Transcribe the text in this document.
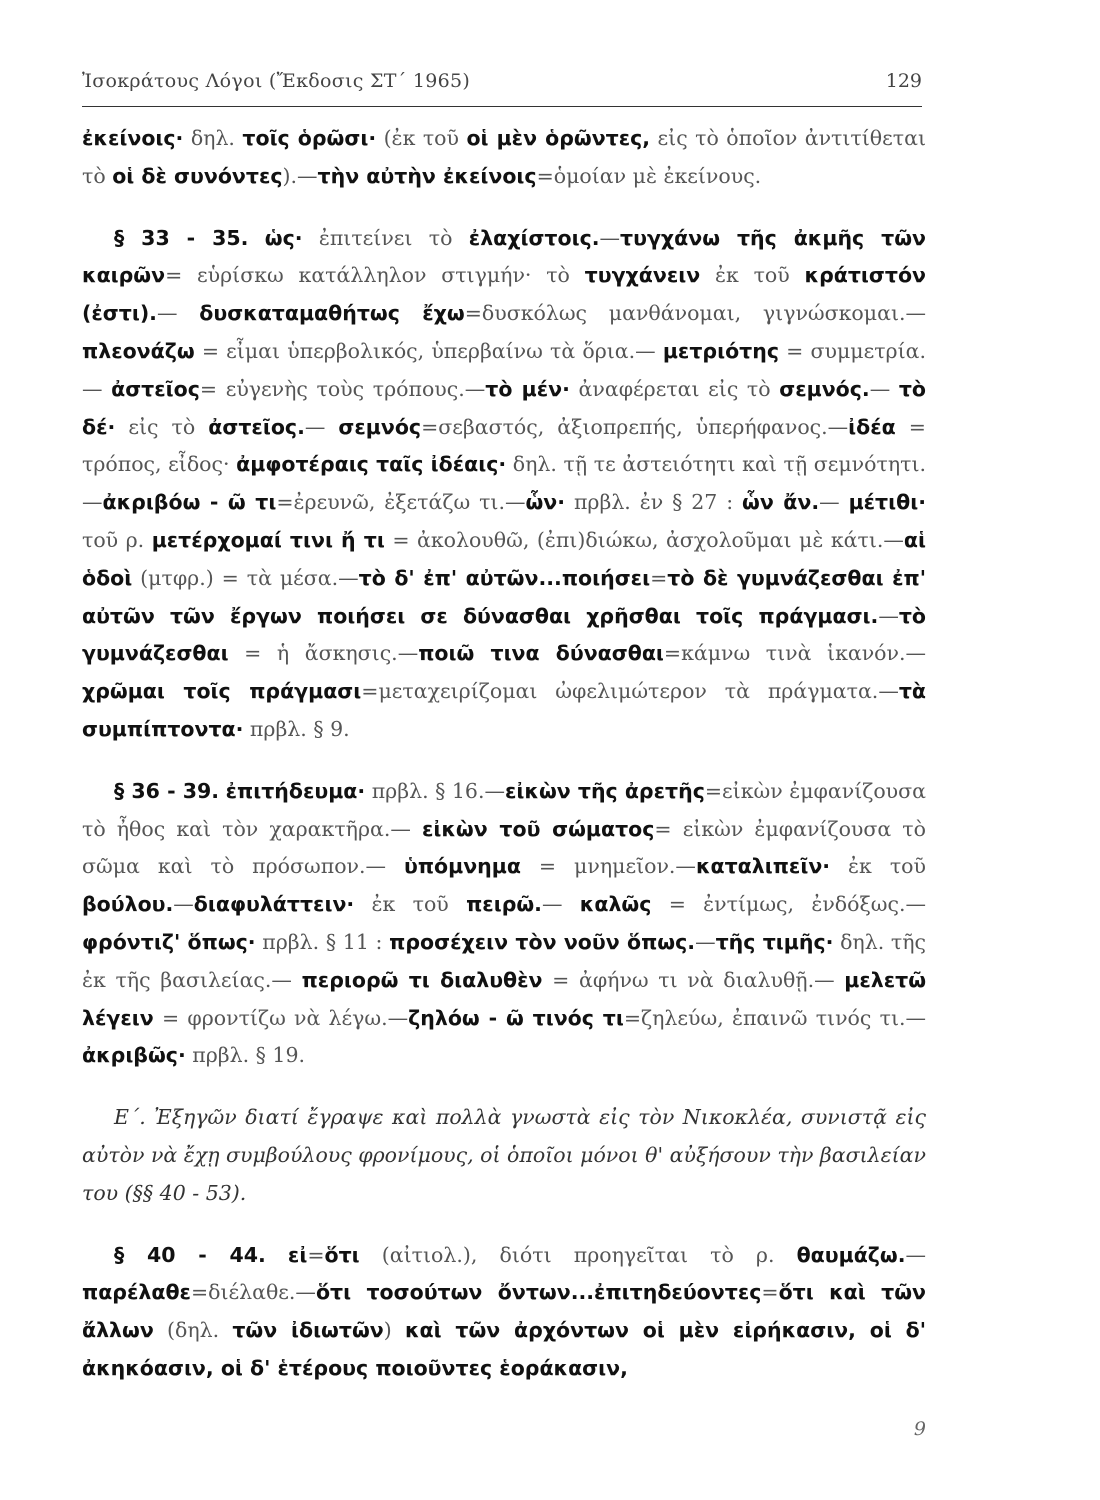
Ἰσοκράτους Λόγοι (Ἔκδοσις ΣΤ΄ 1965)	129

ἐκείνοις· δηλ. τοῖς ὁρῶσι· (ἐκ τοῦ οἱ μὲν ὁρῶντες, εἰς τὸ ὁποῖον ἀντιτίθεται τὸ οἱ δὲ συνόντες).—τὴν αὐτὴν ἐκείνοις=ὁμοίαν μὲ ἐκείνους.

§ 33 - 35. ὡς· ἐπιτείνει τὸ ἐλαχίστοις.—τυγχάνω τῆς ἀκμῆς τῶν καιρῶν= εὑρίσκω κατάλληλον στιγμήν· τὸ τυγχάνειν ἐκ τοῦ κράτιστόν (ἐστι).— δυσκαταμαθήτως ἔχω=δυσκόλως μανθάνομαι, γιγνώσκομαι.— πλεονάζω = εἶμαι ὑπερβολικός, ὑπερβαίνω τὰ ὅρια.— μετριότης = συμμετρία.— ἀστεῖος= εὐγενὴς τοὺς τρόπους.—τὸ μέν· ἀναφέρεται εἰς τὸ σεμνός.— τὸ δέ· εἰς τὸ ἀστεῖος.— σεμνός=σεβαστός, ἀξιοπρεπής, ὑπερήφανος.—ἰδέα = τρόπος, εἶδος· ἀμφοτέραις ταῖς ἰδέαις· δηλ. τῇ τε ἀστειότητι καὶ τῇ σεμνότητι.—ἀκριβόω - ῶ τι=ἐρευνῶ, ἐξετάζω τι.—ὧν· πρβλ. ἐν § 27 : ὧν ἄν.— μέτιθι· τοῦ ρ. μετέρχομαί τινι ἤ τι = ἀκολουθῶ, (ἐπι)διώκω, ἀσχολοῦμαι μὲ κάτι.—αἱ ὁδοὶ (μτφρ.) = τὰ μέσα.—τὸ δ' ἐπ' αὐτῶν...ποιήσει=τὸ δὲ γυμνάζεσθαι ἐπ' αὐτῶν τῶν ἔργων ποιήσει σε δύνασθαι χρῆσθαι τοῖς πράγμασι.—τὸ γυμνάζεσθαι = ἡ ἄσκησις.—ποιῶ τινα δύνασθαι=κάμνω τινὰ ἱκανόν.—χρῶμαι τοῖς πράγμασι=μεταχειρίζομαι ὠφελιμώτερον τὰ πράγματα.—τὰ συμπίπτοντα· πρβλ. § 9.

§ 36 - 39. ἐπιτήδευμα· πρβλ. § 16.—εἰκὼν τῆς ἀρετῆς=εἰκὼν ἐμφανίζουσα τὸ ἦθος καὶ τὸν χαρακτῆρα.— εἰκὼν τοῦ σώματος= εἰκὼν ἐμφανίζουσα τὸ σῶμα καὶ τὸ πρόσωπον.— ὑπόμνημα = μνημεῖον.—καταλιπεῖν· ἐκ τοῦ βούλου.—διαφυλάττειν· ἐκ τοῦ πειρῶ.— καλῶς = ἐντίμως, ἐνδόξως.— φρόντιζ' ὅπως· πρβλ. § 11 : προσέχειν τὸν νοῦν ὅπως.—τῆς τιμῆς· δηλ. τῆς ἐκ τῆς βασιλείας.— περιορῶ τι διαλυθὲν = ἀφήνω τι νὰ διαλυθῇ.— μελετῶ λέγειν = φροντίζω νὰ λέγω.—ζηλόω - ῶ τινός τι=ζηλεύω, ἐπαινῶ τινός τι.— ἀκριβῶς· πρβλ. § 19.

Ε΄. Ἐξηγῶν διατί ἔγραψε καὶ πολλὰ γνωστὰ εἰς τὸν Νικοκλέα, συνιστᾷ εἰς αὐτὸν νὰ ἔχῃ συμβούλους φρονίμους, οἱ ὁποῖοι μόνοι θ' αὐξήσουν τὴν βασιλείαν του (§§ 40 - 53).

§ 40 - 44. εἰ=ὅτι (αἰτιολ.), διότι προηγεῖται τὸ ρ. θαυμάζω.— παρέλαθε=διέλαθε.—ὅτι τοσούτων ὄντων...ἐπιτηδεύοντες=ὅτι καὶ τῶν ἄλλων (δηλ. τῶν ἰδιωτῶν) καὶ τῶν ἀρχόντων οἱ μὲν εἰρήκασιν, οἱ δ' ἀκηκόασιν, οἱ δ' ἑτέρους ποιοῦντες ἑοράκασιν,

9
